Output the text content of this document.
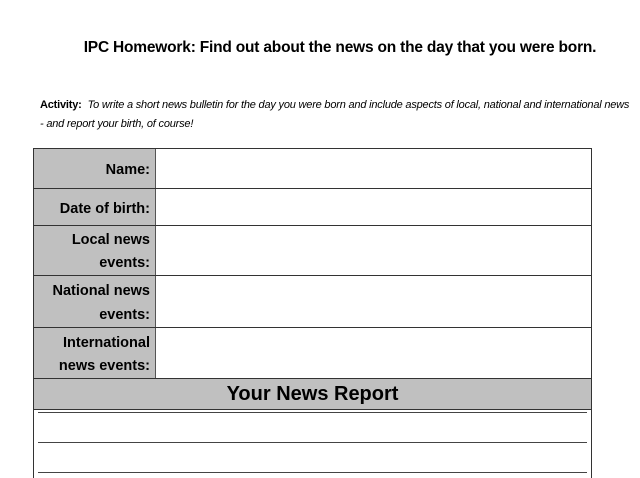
IPC Homework: Find out about the news on the day that you were born.
Activity: To write a short news bulletin for the day you were born and include aspects of local, national and international news - and report your birth, of course!
Name:
Date of birth:
Local news events:
National news events:
International news events:
Your News Report
